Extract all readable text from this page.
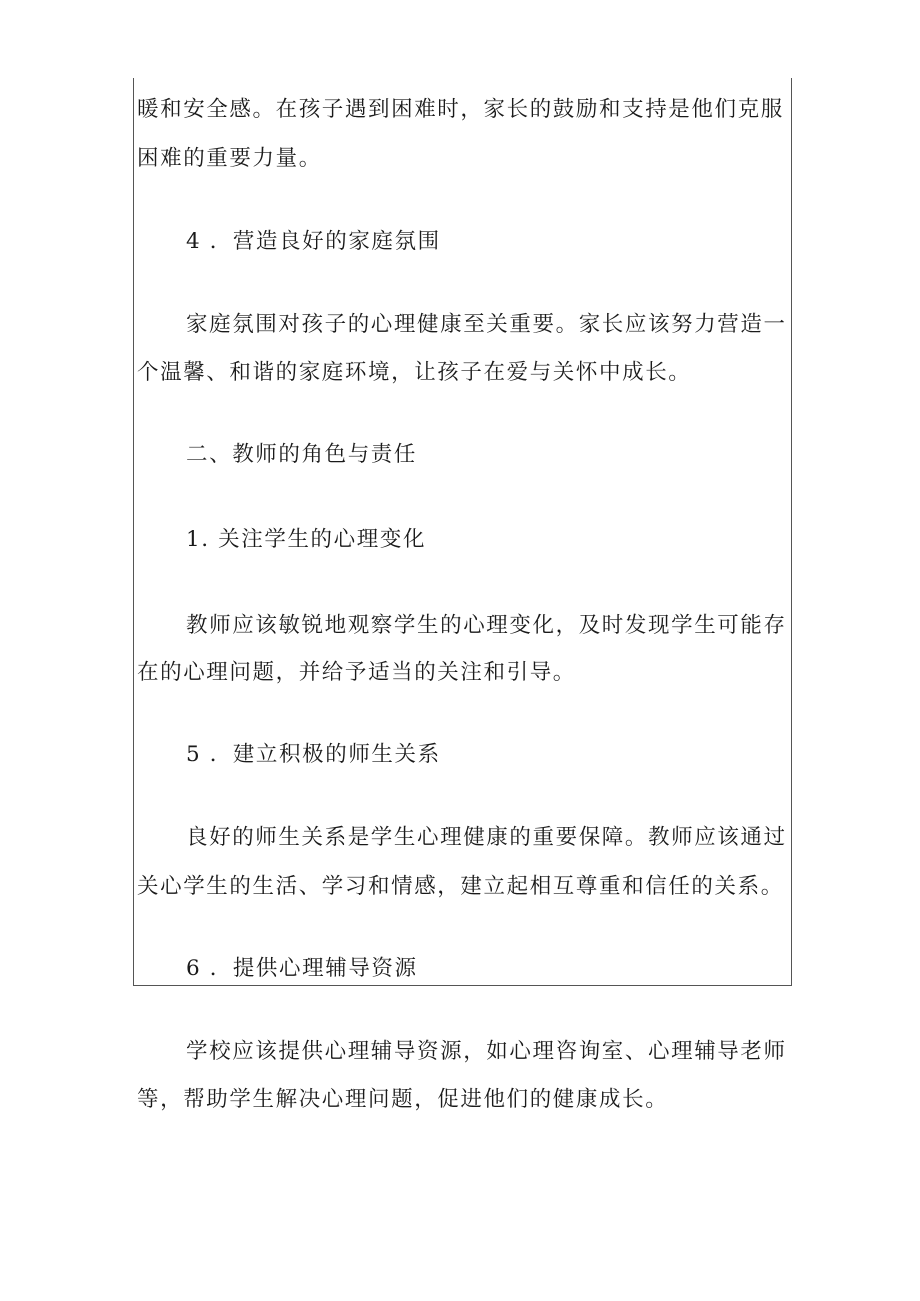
暖和安全感。在孩子遇到困难时，家长的鼓励和支持是他们克服

困难的重要力量。

4 ．营造良好的家庭氛围

家庭氛围对孩子的心理健康至关重要。家长应该努力营造一

个温馨、和谐的家庭环境，让孩子在爱与关怀中成长。

二、教师的角色与责任

1. 关注学生的心理变化

教师应该敏锐地观察学生的心理变化，及时发现学生可能存

在的心理问题，并给予适当的关注和引导。

5 ．建立积极的师生关系

良好的师生关系是学生心理健康的重要保障。教师应该通过

关心学生的生活、学习和情感，建立起相互尊重和信任的关系。

6 ．提供心理辅导资源

学校应该提供心理辅导资源，如心理咨询室、心理辅导老师

等，帮助学生解决心理问题，促进他们的健康成长。
